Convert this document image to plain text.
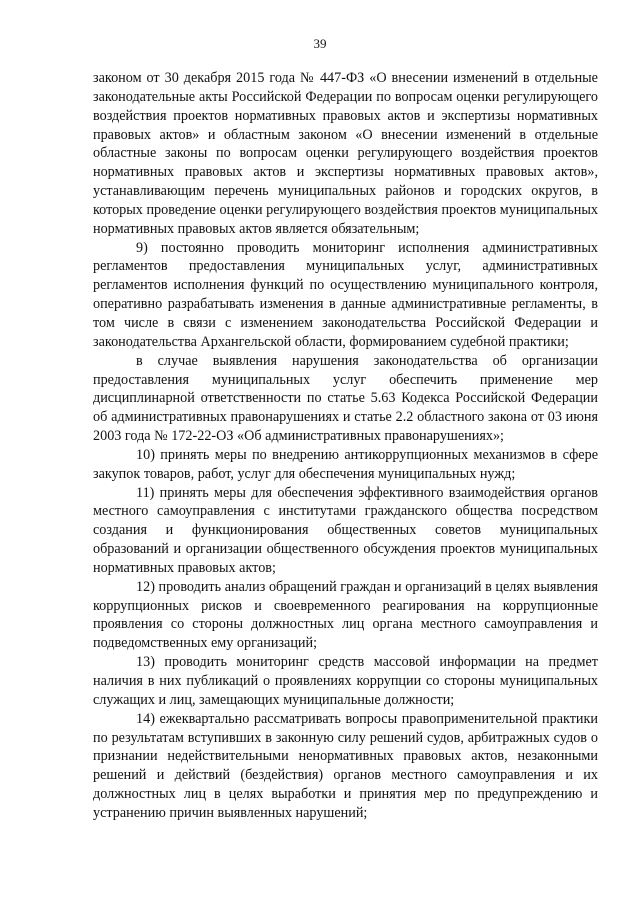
39

законом от 30 декабря 2015 года № 447-ФЗ «О внесении изменений в отдельные законодательные акты Российской Федерации по вопросам оценки регулирующего воздействия проектов нормативных правовых актов и экспертизы нормативных правовых актов» и областным законом «О внесении изменений в отдельные областные законы по вопросам оценки регулирующего воздействия проектов нормативных правовых актов и экспертизы нормативных правовых актов», устанавливающим перечень муниципальных районов и городских округов, в которых проведение оценки регулирующего воздействия проектов муниципальных нормативных правовых актов является обязательным;

9) постоянно проводить мониторинг исполнения административных регламентов предоставления муниципальных услуг, административных регламентов исполнения функций по осуществлению муниципального контроля, оперативно разрабатывать изменения в данные административные регламенты, в том числе в связи с изменением законодательства Российской Федерации и законодательства Архангельской области, формированием судебной практики;

в случае выявления нарушения законодательства об организации предоставления муниципальных услуг обеспечить применение мер дисциплинарной ответственности по статье 5.63 Кодекса Российской Федерации об административных правонарушениях и статье 2.2 областного закона от 03 июня 2003 года № 172-22-ОЗ «Об административных правонарушениях»;

10) принять меры по внедрению антикоррупционных механизмов в сфере закупок товаров, работ, услуг для обеспечения муниципальных нужд;

11) принять меры для обеспечения эффективного взаимодействия органов местного самоуправления с институтами гражданского общества посредством создания и функционирования общественных советов муниципальных образований и организации общественного обсуждения проектов муниципальных нормативных правовых актов;

12) проводить анализ обращений граждан и организаций в целях выявления коррупционных рисков и своевременного реагирования на коррупционные проявления со стороны должностных лиц органа местного самоуправления и подведомственных ему организаций;

13) проводить мониторинг средств массовой информации на предмет наличия в них публикаций о проявлениях коррупции со стороны муниципальных служащих и лиц, замещающих муниципальные должности;

14) ежеквартально рассматривать вопросы правоприменительной практики по результатам вступивших в законную силу решений судов, арбитражных судов о признании недействительными ненормативных правовых актов, незаконными решений и действий (бездействия) органов местного самоуправления и их должностных лиц в целях выработки и принятия мер по предупреждению и устранению причин выявленных нарушений;
